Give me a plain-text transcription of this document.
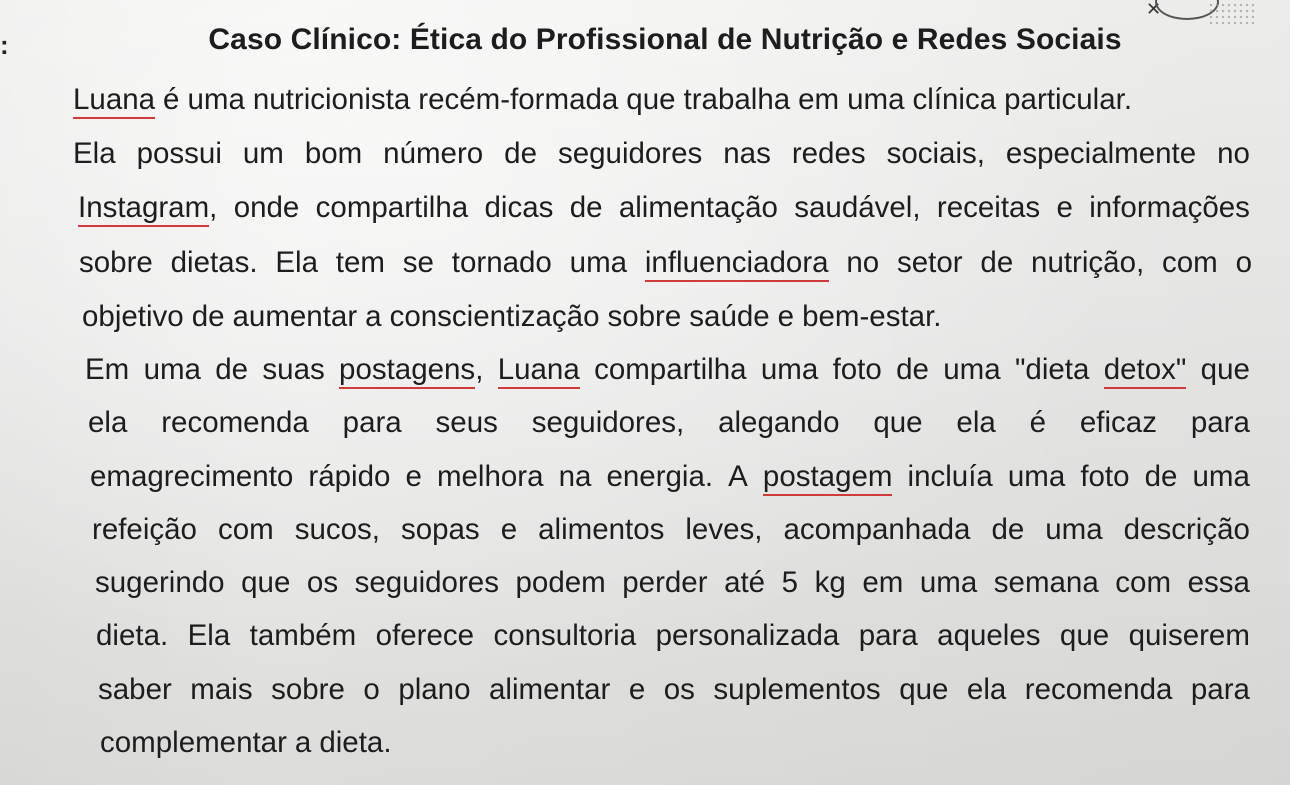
:
✕
Caso Clínico: Ética do Profissional de Nutrição e Redes Sociais
Luana é uma nutricionista recém-formada que trabalha em uma clínica particular.
Ela possui um bom número de seguidores nas redes sociais, especialmente no
Instagram, onde compartilha dicas de alimentação saudável, receitas e informações
sobre dietas. Ela tem se tornado uma influenciadora no setor de nutrição, com o
objetivo de aumentar a conscientização sobre saúde e bem-estar.
Em uma de suas postagens, Luana compartilha uma foto de uma "dieta detox" que
ela recomenda para seus seguidores, alegando que ela é eficaz para
emagrecimento rápido e melhora na energia. A postagem incluía uma foto de uma
refeição com sucos, sopas e alimentos leves, acompanhada de uma descrição
sugerindo que os seguidores podem perder até 5 kg em uma semana com essa
dieta. Ela também oferece consultoria personalizada para aqueles que quiserem
saber mais sobre o plano alimentar e os suplementos que ela recomenda para
complementar a dieta.
